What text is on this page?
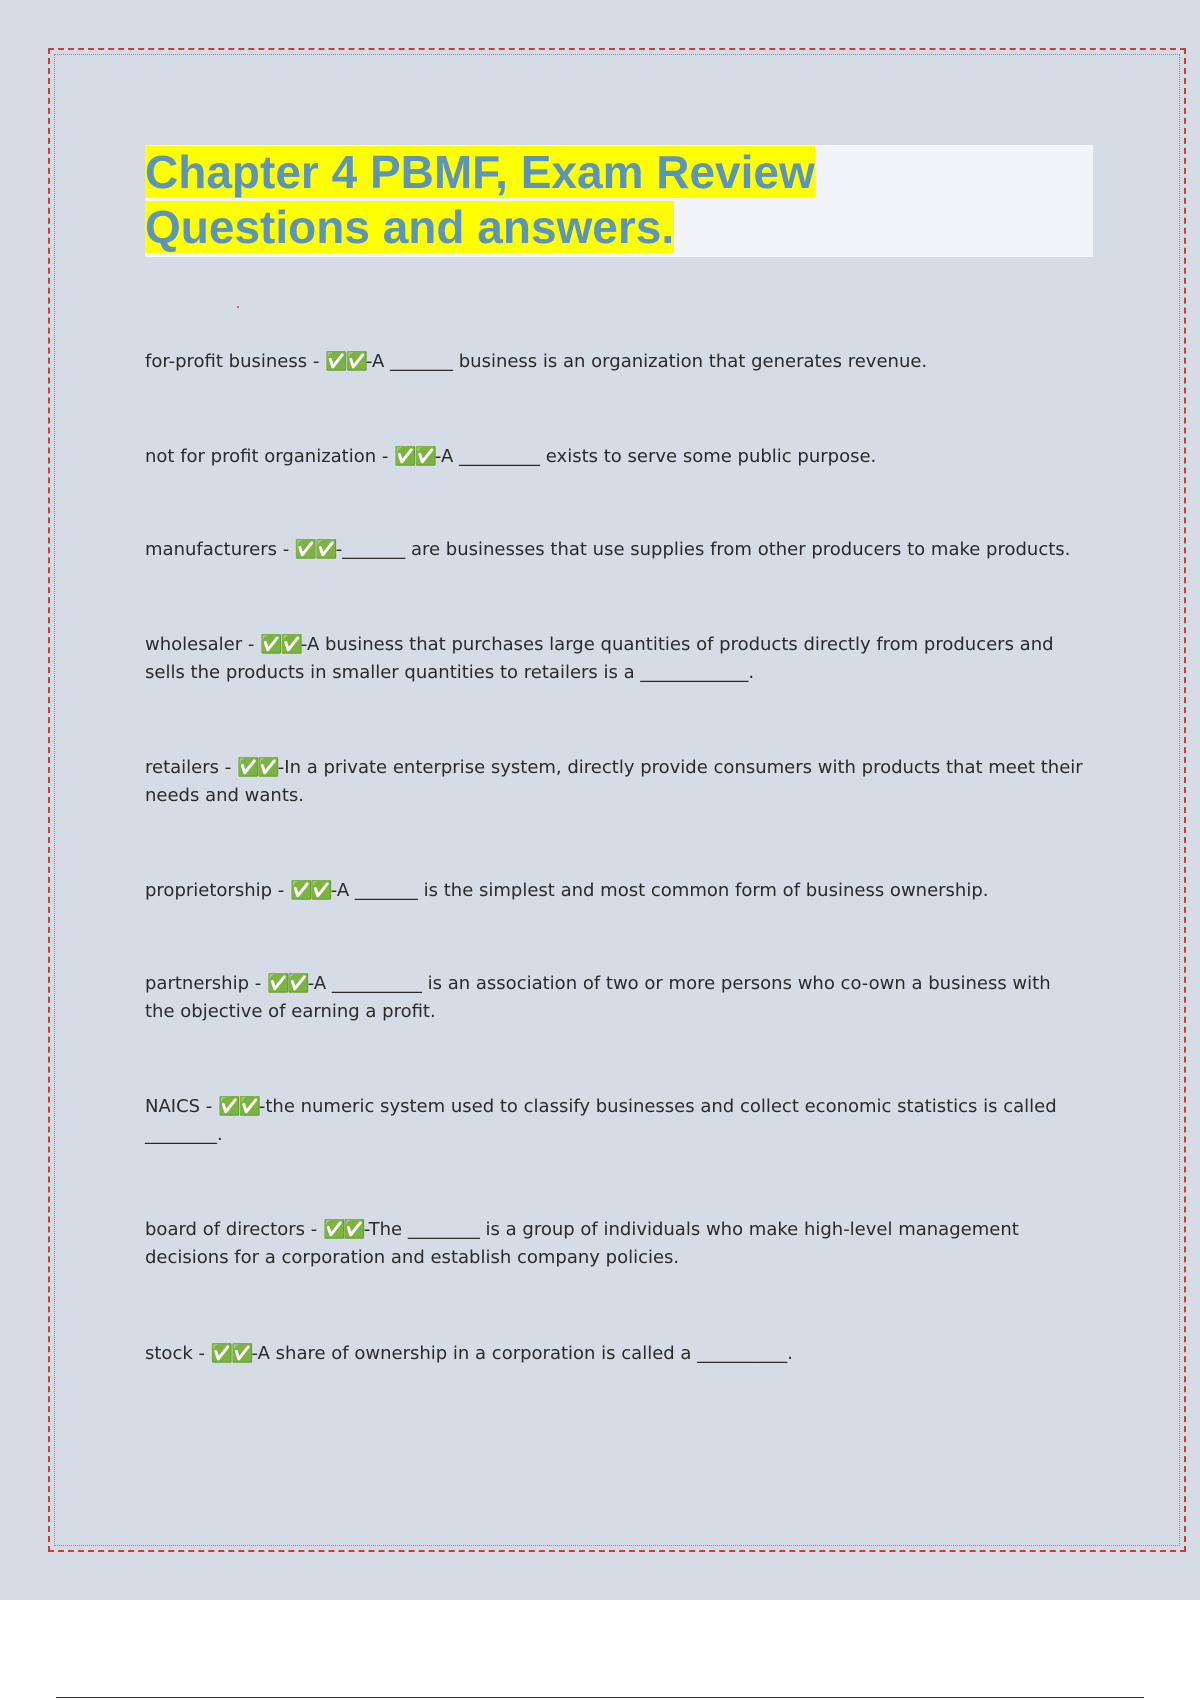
Chapter 4 PBMF, Exam Review
Questions and answers.

for-profit business - ✅✅-A _______ business is an organization that generates revenue.

not for profit organization - ✅✅-A _________ exists to serve some public purpose.

manufacturers - ✅✅-_______ are businesses that use supplies from other producers to make products.

wholesaler - ✅✅-A business that purchases large quantities of products directly from producers and sells the products in smaller quantities to retailers is a ____________.

retailers - ✅✅-In a private enterprise system, directly provide consumers with products that meet their needs and wants.

proprietorship - ✅✅-A _______ is the simplest and most common form of business ownership.

partnership - ✅✅-A __________ is an association of two or more persons who co-own a business with the objective of earning a profit.

NAICS - ✅✅-the numeric system used to classify businesses and collect economic statistics is called ________.

board of directors - ✅✅-The ________ is a group of individuals who make high-level management decisions for a corporation and establish company policies.

stock - ✅✅-A share of ownership in a corporation is called a __________.
